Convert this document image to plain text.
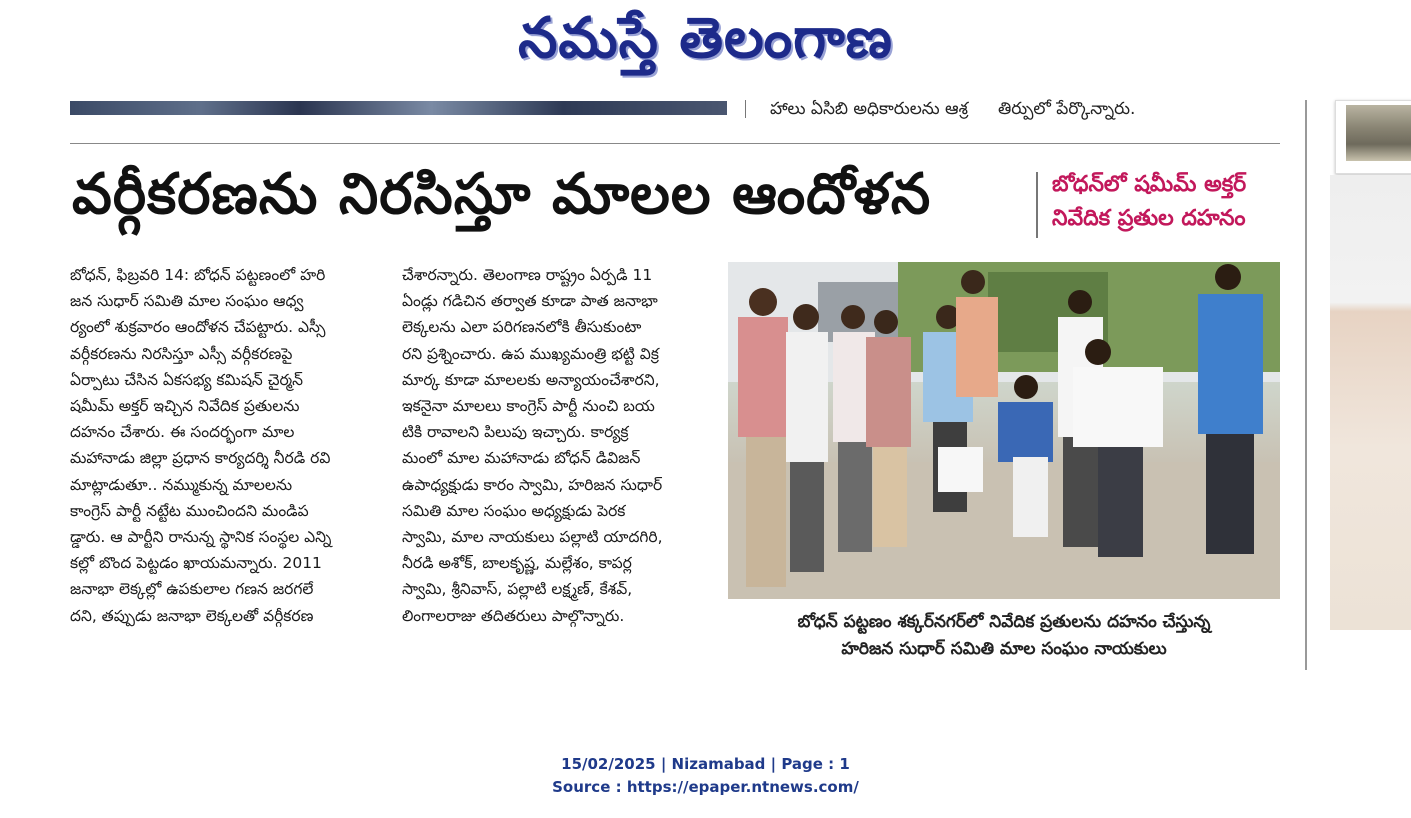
నమస్తే తెలంగాణ
హాలు ఏసిబి అధికారులను ఆశ్ర తిర్పులో పేర్కొన్నారు.
వర్గీకరణను నిరసిస్తూ మాలల ఆందోళన	బోధన్‌లో షమీమ్ అక్తర్
నివేదిక ప్రతుల దహనం
బోధన్, ఫిబ్రవరి 14: బోధన్ పట్టణంలో హరి
జన సుధార్ సమితి మాల సంఘం ఆధ్వ
ర్యంలో శుక్రవారం ఆందోళన చేపట్టారు. ఎస్సీ
వర్గీకరణను నిరసిస్తూ ఎస్సీ వర్గీకరణపై
ఏర్పాటు చేసిన ఏకసభ్య కమిషన్ చైర్మన్
షమీమ్ అక్తర్ ఇచ్చిన నివేదిక ప్రతులను
దహనం చేశారు. ఈ సందర్భంగా మాల
మహానాడు జిల్లా ప్రధాన కార్యదర్శి నీరడి రవి
మాట్లాడుతూ.. నమ్ముకున్న మాలలను
కాంగ్రెస్ పార్టీ నట్టేట ముంచిందని మండిప
డ్డారు. ఆ పార్టీని రానున్న స్థానిక సంస్థల ఎన్ని
కల్లో బొంద పెట్టడం ఖాయమన్నారు. 2011
జనాభా లెక్కల్లో ఉపకులాల గణన జరగలే
దని, తప్పుడు జనాభా లెక్కలతో వర్గీకరణ
చేశారన్నారు. తెలంగాణ రాష్ట్రం ఏర్పడి 11
ఏండ్లు గడిచిన తర్వాత కూడా పాత జనాభా
లెక్కలను ఎలా పరిగణనలోకి తీసుకుంటా
రని ప్రశ్నించారు. ఉప ముఖ్యమంత్రి భట్టి విక్ర
మార్క కూడా మాలలకు అన్యాయంచేశారని,
ఇకనైనా మాలలు కాంగ్రెస్ పార్టీ నుంచి బయ
టికి రావాలని పిలుపు ఇచ్చారు. కార్యక్ర
మంలో మాల మహానాడు బోధన్ డివిజన్
ఉపాధ్యక్షుడు కారం స్వామి, హరిజన సుధార్
సమితి మాల సంఘం అధ్యక్షుడు పెరక
స్వామి, మాల నాయకులు పల్లాటి యాదగిరి,
నీరడి అశోక్, బాలకృష్ణ, మల్లేశం, కాపర్ల
స్వామి, శ్రీనివాస్, పల్లాటి లక్ష్మణ్, కేశవ్,
లింగాలరాజు తదితరులు పాల్గొన్నారు.	బోధన్ పట్టణం శక్కర్‌నగర్‌లో నివేదిక ప్రతులను దహనం చేస్తున్న
హరిజన సుధార్ సమితి మాల సంఘం నాయకులు
15/02/2025 | Nizamabad | Page : 1
Source : https://epaper.ntnews.com/
